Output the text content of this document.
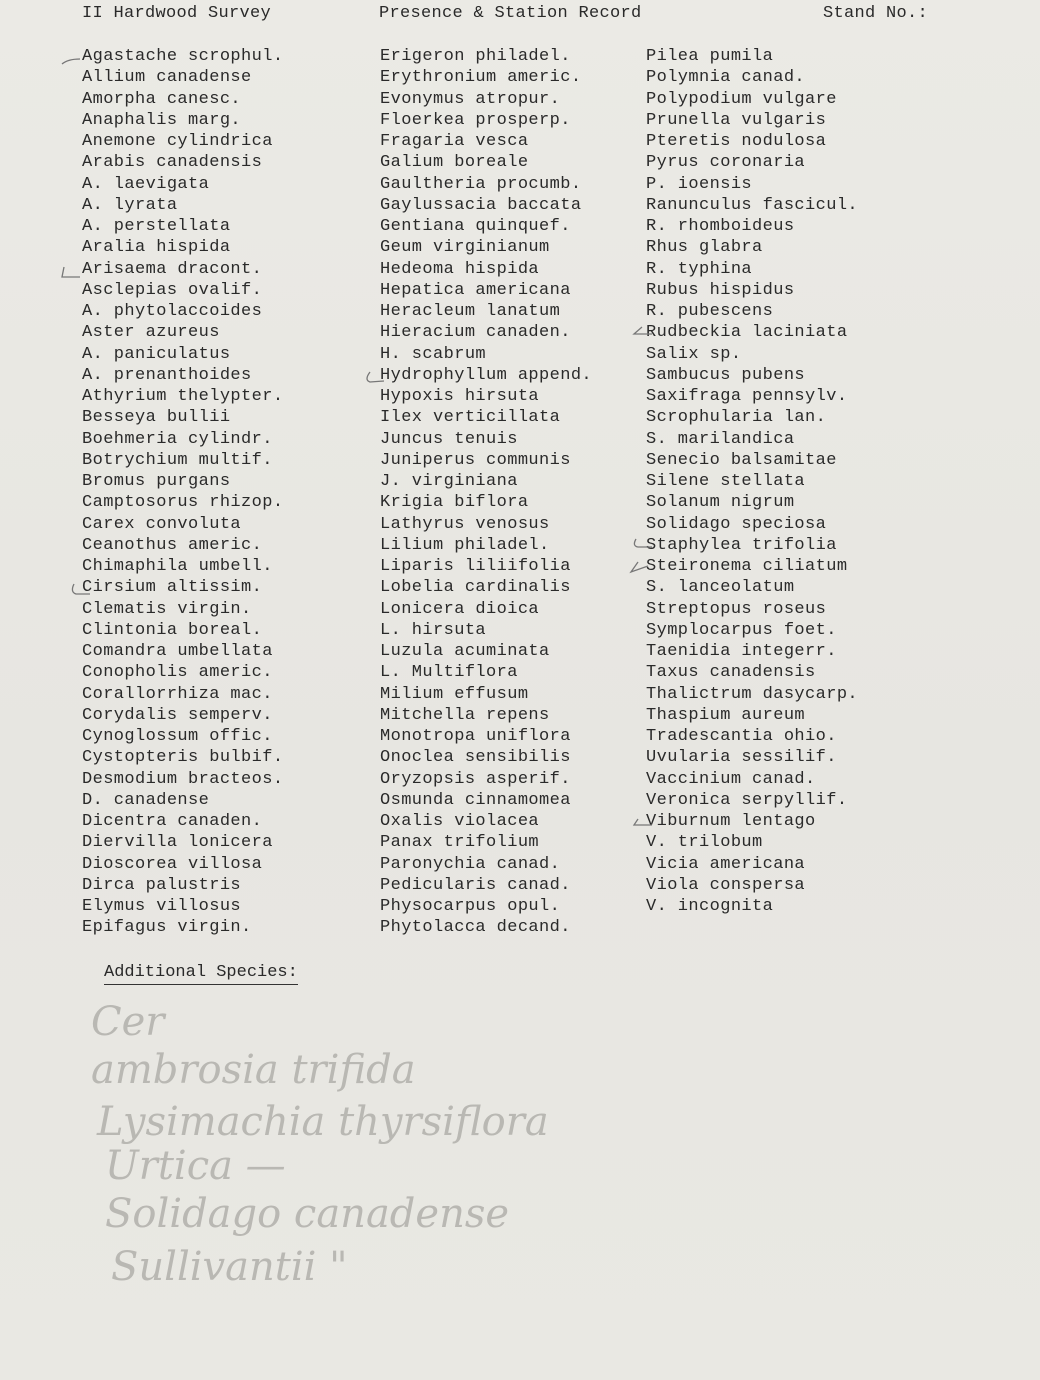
II Hardwood Survey	Presence & Station Record	Stand No.:
Agastache scrophul.
Allium canadense
Amorpha canesc.
Anaphalis marg.
Anemone cylindrica
Arabis canadensis
A. laevigata
A. lyrata
A. perstellata
Aralia hispida
Arisaema dracont.
Asclepias ovalif.
A. phytolaccoides
Aster azureus
A. paniculatus
A. prenanthoides
Athyrium thelypter.
Besseya bullii
Boehmeria cylindr.
Botrychium multif.
Bromus purgans
Camptosorus rhizop.
Carex convoluta
Ceanothus americ.
Chimaphila umbell.
Cirsium altissim.
Clematis virgin.
Clintonia boreal.
Comandra umbellata
Conopholis americ.
Corallorrhiza mac.
Corydalis semperv.
Cynoglossum offic.
Cystopteris bulbif.
Desmodium bracteos.
D. canadense
Dicentra canaden.
Diervilla lonicera
Dioscorea villosa
Dirca palustris
Elymus villosus
Epifagus virgin.
Erigeron philadel.
Erythronium americ.
Evonymus atropur.
Floerkea prosperp.
Fragaria vesca
Galium boreale
Gaultheria procumb.
Gaylussacia baccata
Gentiana quinquef.
Geum virginianum
Hedeoma hispida
Hepatica americana
Heracleum lanatum
Hieracium canaden.
H. scabrum
Hydrophyllum append.
Hypoxis hirsuta
Ilex verticillata
Juncus tenuis
Juniperus communis
J. virginiana
Krigia biflora
Lathyrus venosus
Lilium philadel.
Liparis liliifolia
Lobelia cardinalis
Lonicera dioica
L. hirsuta
Luzula acuminata
L. Multiflora
Milium effusum
Mitchella repens
Monotropa uniflora
Onoclea sensibilis
Oryzopsis asperif.
Osmunda cinnamomea
Oxalis violacea
Panax trifolium
Paronychia canad.
Pedicularis canad.
Physocarpus opul.
Phytolacca decand.
Pilea pumila
Polymnia canad.
Polypodium vulgare
Prunella vulgaris
Pteretis nodulosa
Pyrus coronaria
P. ioensis
Ranunculus fascicul.
R. rhomboideus
Rhus glabra
R. typhina
Rubus hispidus
R. pubescens
Rudbeckia laciniata
Salix sp.
Sambucus pubens
Saxifraga pennsylv.
Scrophularia lan.
S. marilandica
Senecio balsamitae
Silene stellata
Solanum nigrum
Solidago speciosa
Staphylea trifolia
Steironema ciliatum
S. lanceolatum
Streptopus roseus
Symplocarpus foet.
Taenidia integerr.
Taxus canadensis
Thalictrum dasycarp.
Thaspium aureum
Tradescantia ohio.
Uvularia sessilif.
Vaccinium canad.
Veronica serpyllif.
Viburnum lentago
V. trilobum
Vicia americana
Viola conspersa
V. incognita
Additional Species:
Cer
ambrosia trifida
Lysimachia thyrsiflora
Urtica —
Solidago canadense
Sullivantii "
